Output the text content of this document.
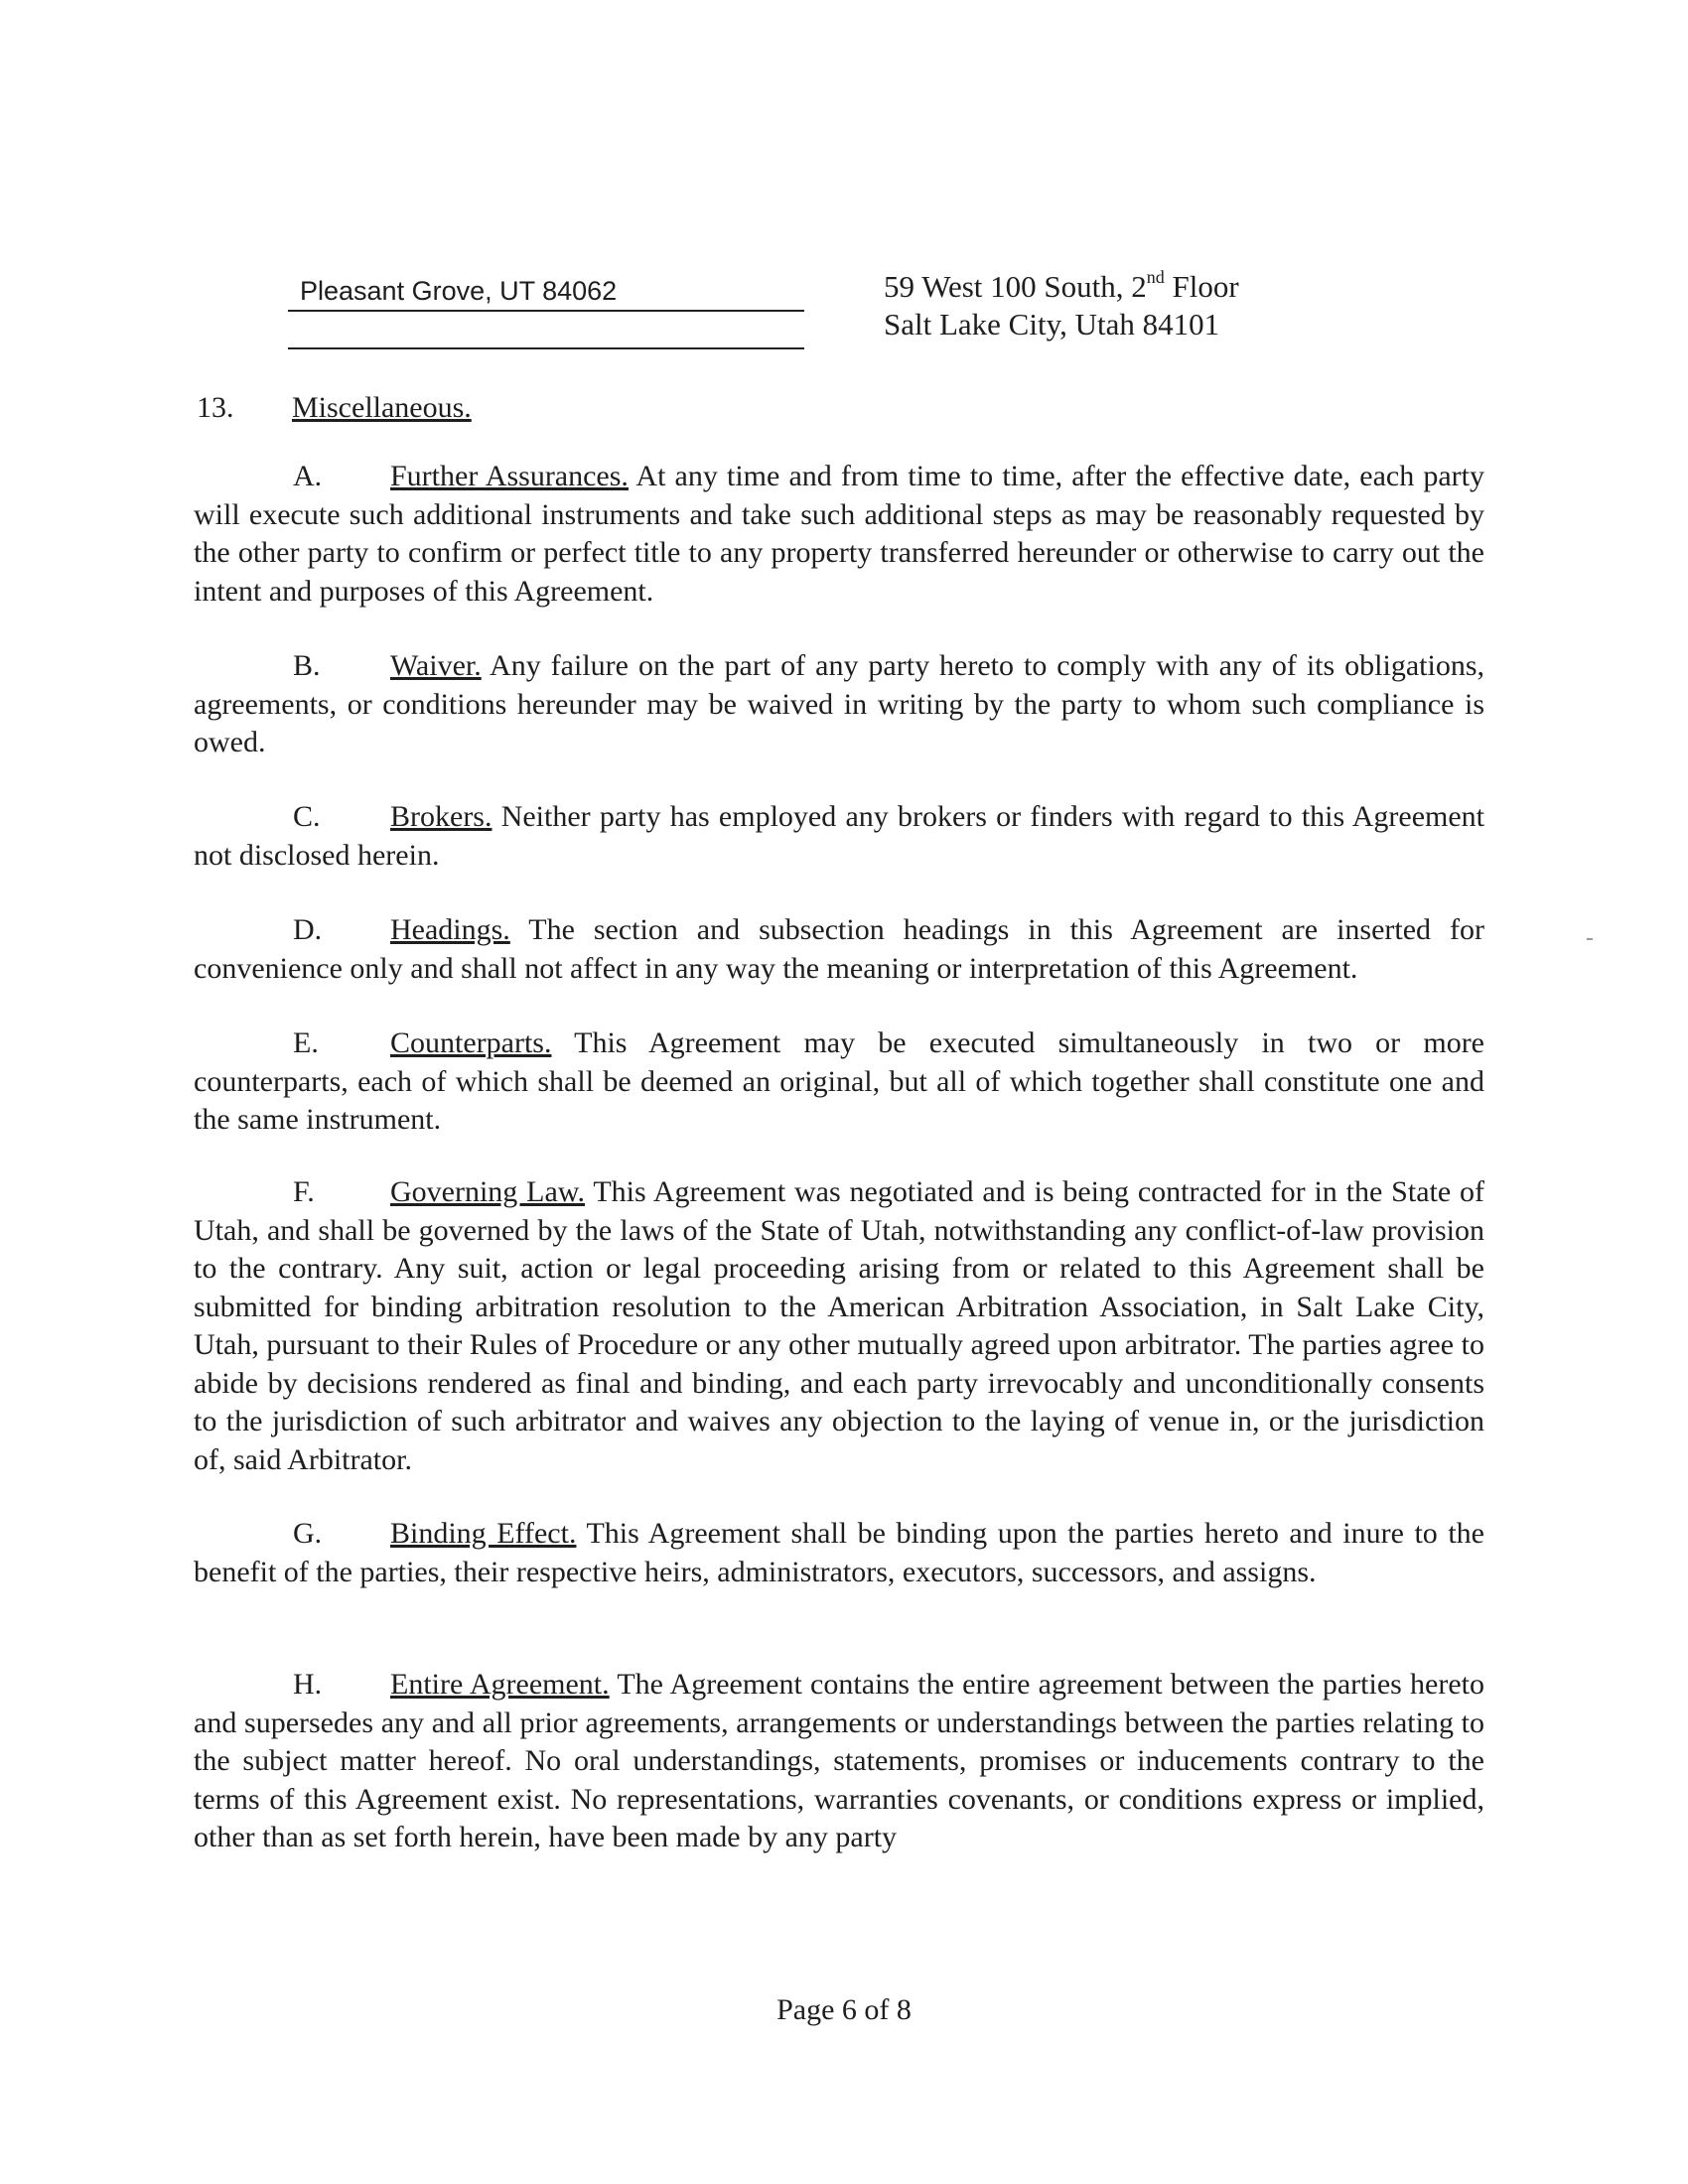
Pleasant Grove, UT 84062	59 West 100 South, 2nd Floor
Salt Lake City, Utah 84101
13. Miscellaneous.
A. Further Assurances. At any time and from time to time, after the effective date, each party will execute such additional instruments and take such additional steps as may be reasonably requested by the other party to confirm or perfect title to any property transferred hereunder or otherwise to carry out the intent and purposes of this Agreement.
B. Waiver. Any failure on the part of any party hereto to comply with any of its obligations, agreements, or conditions hereunder may be waived in writing by the party to whom such compliance is owed.
C. Brokers. Neither party has employed any brokers or finders with regard to this Agreement not disclosed herein.
D. Headings. The section and subsection headings in this Agreement are inserted for convenience only and shall not affect in any way the meaning or interpretation of this Agreement.
E. Counterparts. This Agreement may be executed simultaneously in two or more counterparts, each of which shall be deemed an original, but all of which together shall constitute one and the same instrument.
F.	Governing Law. This Agreement was negotiated and is being contracted for in the State of Utah, and shall be governed by the laws of the State of Utah, notwithstanding any conflict-of-law provision to the contrary. Any suit, action or legal proceeding arising from or related to this Agreement shall be submitted for binding arbitration resolution to the American Arbitration Association, in Salt Lake City, Utah, pursuant to their Rules of Procedure or any other mutually agreed upon arbitrator. The parties agree to abide by decisions rendered as final and binding, and each party irrevocably and unconditionally consents to the jurisdiction of such arbitrator and waives any objection to the laying of venue in, or the jurisdiction of, said Arbitrator.
G. Binding Effect. This Agreement shall be binding upon the parties hereto and inure to the benefit of the parties, their respective heirs, administrators, executors, successors, and assigns.
H. Entire Agreement. The Agreement contains the entire agreement between the parties hereto and supersedes any and all prior agreements, arrangements or understandings between the parties relating to the subject matter hereof. No oral understandings, statements, promises or inducements contrary to the terms of this Agreement exist. No representations, warranties covenants, or conditions express or implied, other than as set forth herein, have been made by any party
Page 6 of 8
